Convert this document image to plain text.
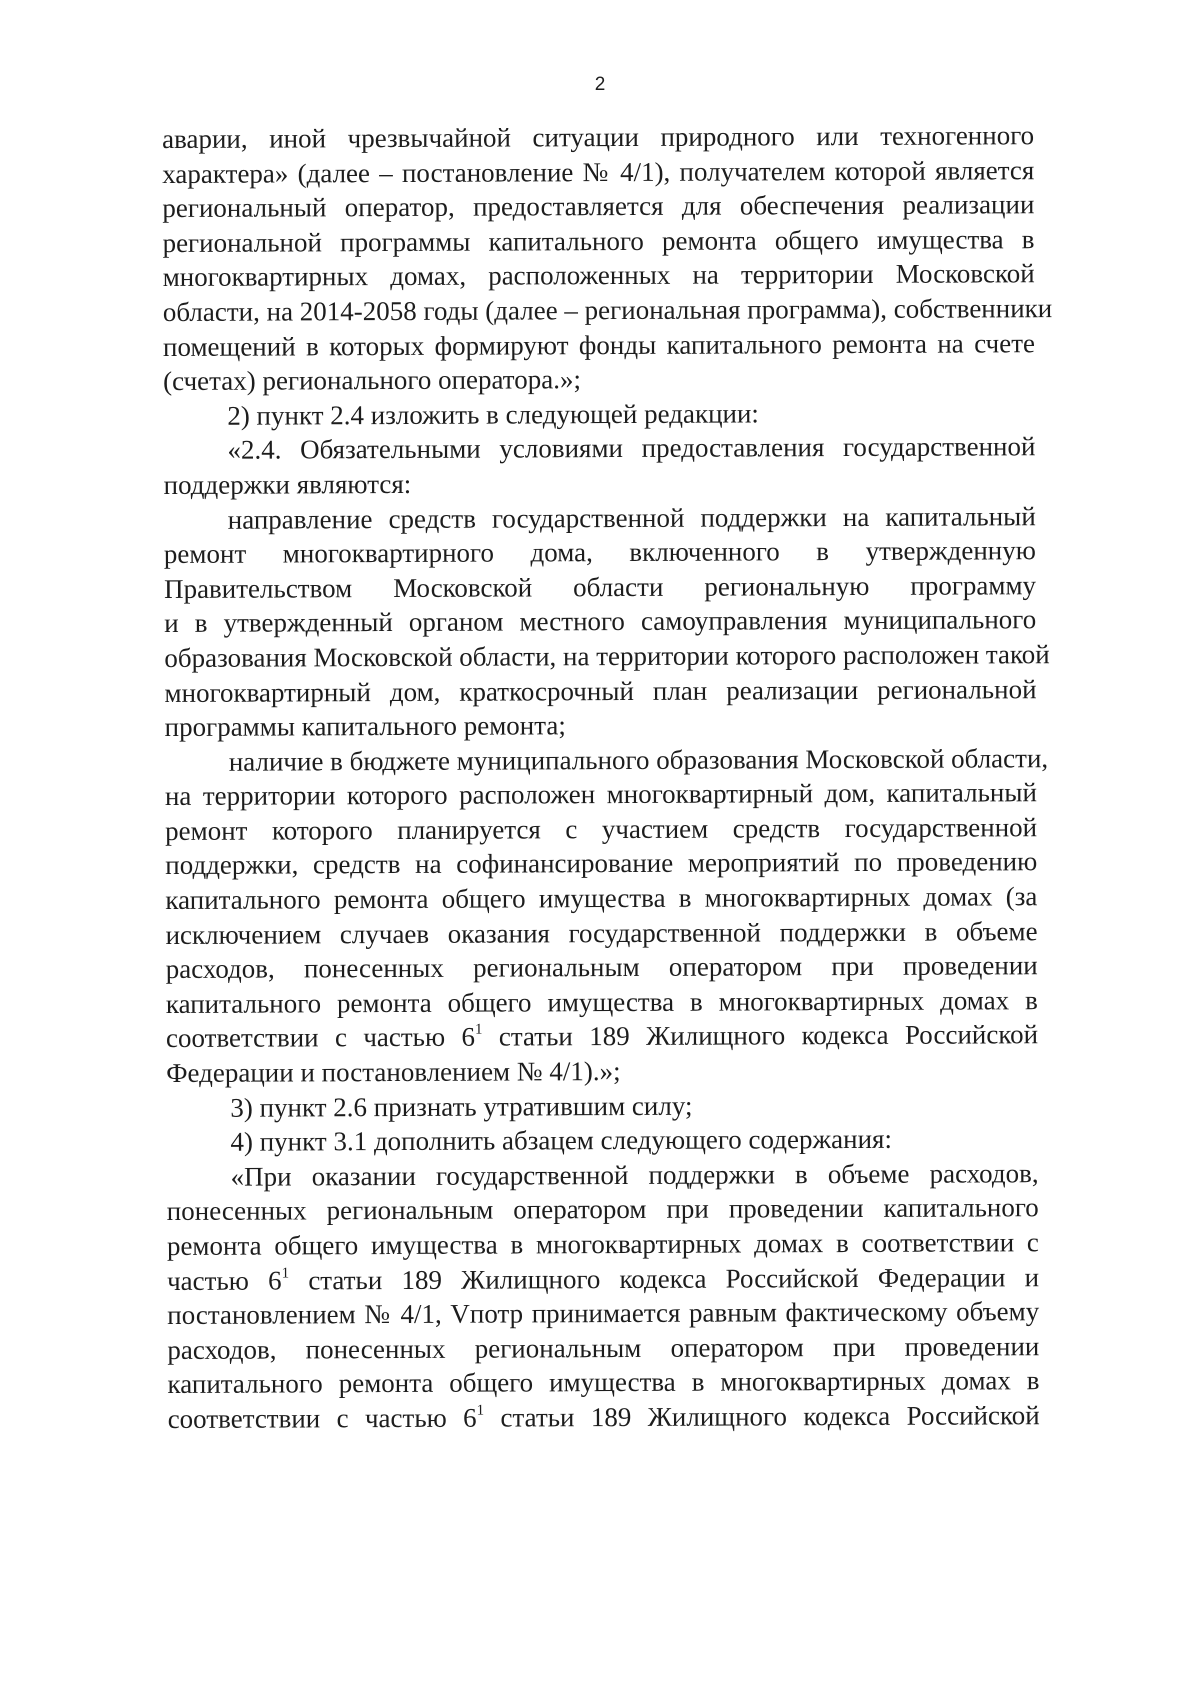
2
аварии, иной чрезвычайной ситуации природного или техногенного
характера» (далее – постановление № 4/1), получателем которой является
региональный оператор, предоставляется для обеспечения реализации
региональной программы капитального ремонта общего имущества в
многоквартирных домах, расположенных на территории Московской
области, на 2014-2058 годы (далее – региональная программа), собственники
помещений в которых формируют фонды капитального ремонта на счете
(счетах) регионального оператора.»;
2) пункт 2.4 изложить в следующей редакции:
«2.4. Обязательными условиями предоставления государственной
поддержки являются:
направление средств государственной поддержки на капитальный
ремонт многоквартирного дома, включенного в утвержденную
Правительством Московской области региональную программу
и в утвержденный органом местного самоуправления муниципального
образования Московской области, на территории которого расположен такой
многоквартирный дом, краткосрочный план реализации региональной
программы капитального ремонта;
наличие в бюджете муниципального образования Московской области,
на территории которого расположен многоквартирный дом, капитальный
ремонт которого планируется с участием средств государственной
поддержки, средств на софинансирование мероприятий по проведению
капитального ремонта общего имущества в многоквартирных домах (за
исключением случаев оказания государственной поддержки в объеме
расходов, понесенных региональным оператором при проведении
капитального ремонта общего имущества в многоквартирных домах в
соответствии с частью $6^1$ статьи 189 Жилищного кодекса Российской
Федерации и постановлением № 4/1).»;
3) пункт 2.6 признать утратившим силу;
4) пункт 3.1 дополнить абзацем следующего содержания:
«При оказании государственной поддержки в объеме расходов,
понесенных региональным оператором при проведении капитального
ремонта общего имущества в многоквартирных домах в соответствии с
частью $6^1$ статьи 189 Жилищного кодекса Российской Федерации и
постановлением № 4/1, Vпотр принимается равным фактическому объему
расходов, понесенных региональным оператором при проведении
капитального ремонта общего имущества в многоквартирных домах в
соответствии с частью $6^1$ статьи 189 Жилищного кодекса Российской
